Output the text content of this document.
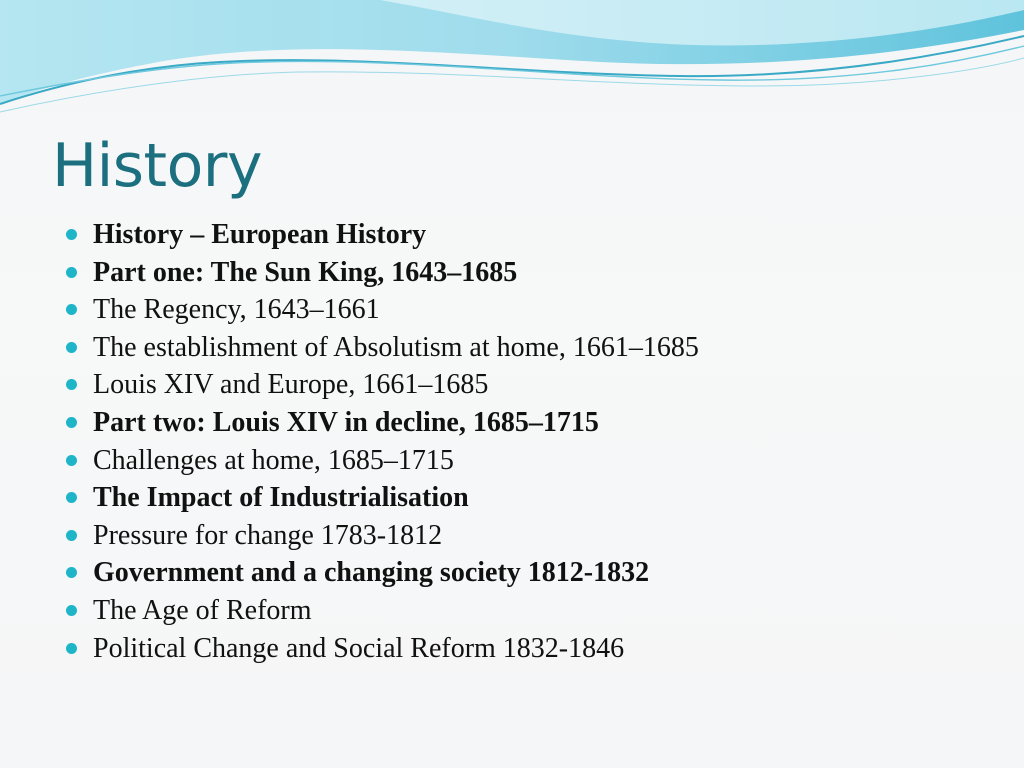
History
History – European History
Part one: The Sun King, 1643–1685
The Regency, 1643–1661
The establishment of Absolutism at home, 1661–1685
Louis XIV and Europe, 1661–1685
Part two: Louis XIV in decline, 1685–1715
Challenges at home, 1685–1715
The Impact of Industrialisation
Pressure for change 1783-1812
Government and a changing society 1812-1832
The Age of Reform
Political Change and Social Reform 1832-1846
